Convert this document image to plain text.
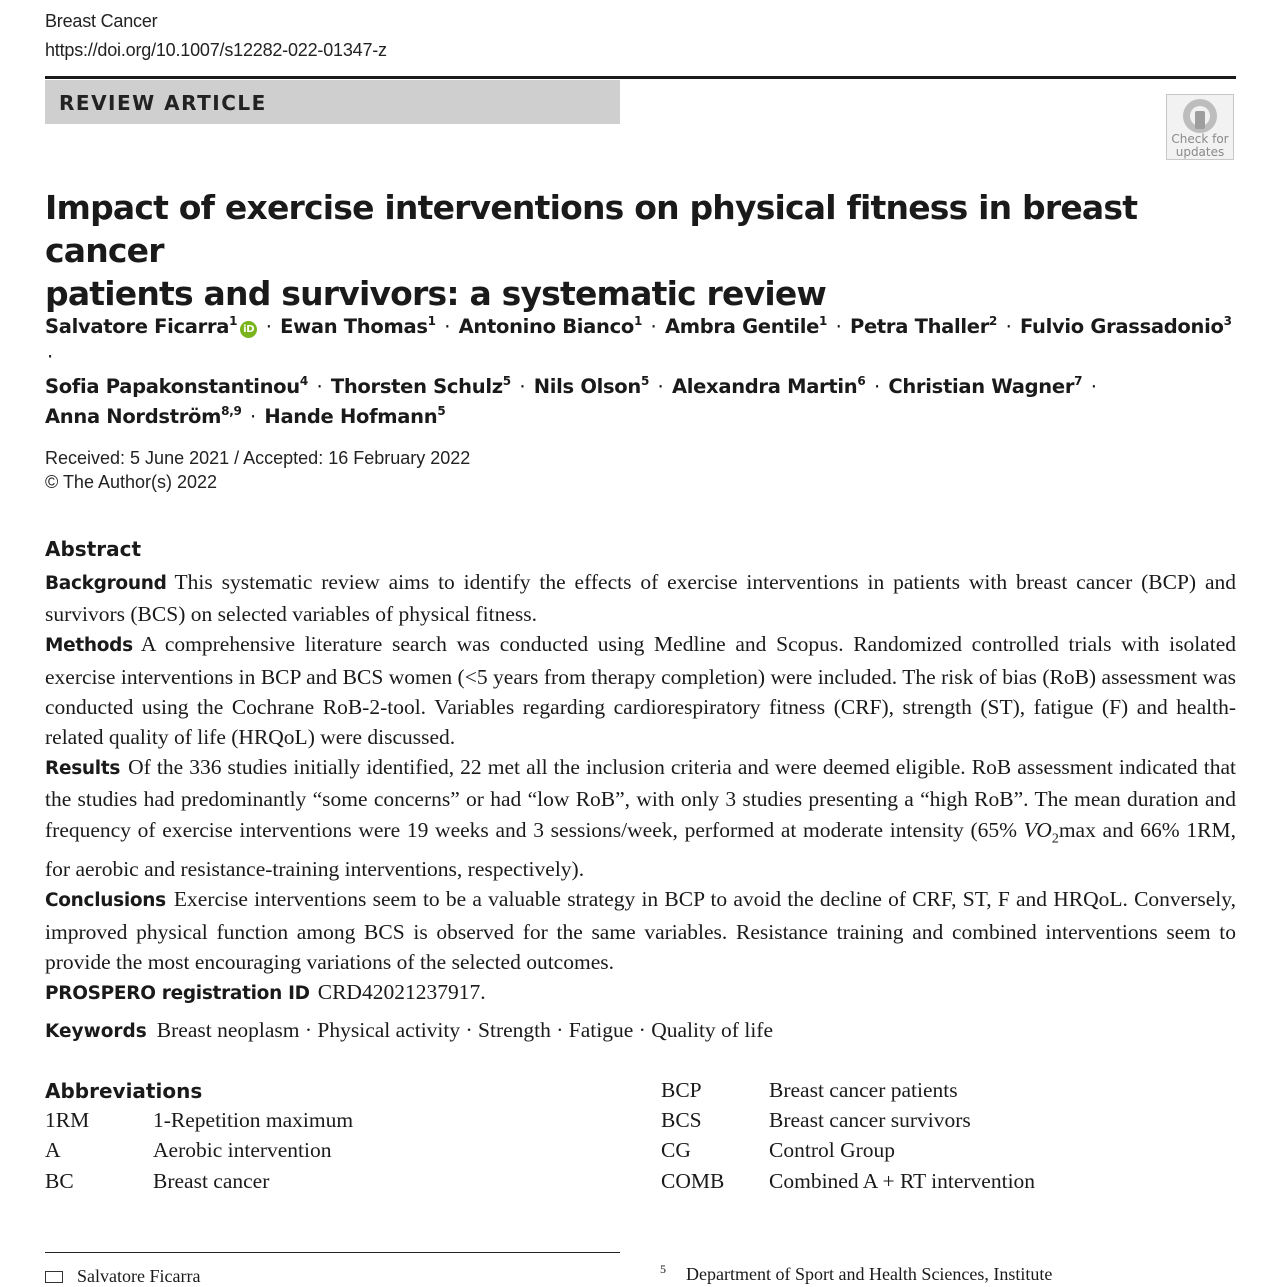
Breast Cancer
https://doi.org/10.1007/s12282-022-01347-z
REVIEW ARTICLE
Check for
updates
Impact of exercise interventions on physical fitness in breast cancer
patients and survivors: a systematic review
Salvatore Ficarra$^1$iD · Ewan Thomas$^1$ · Antonino Bianco$^1$ · Ambra Gentile$^1$ · Petra Thaller$^2$ · Fulvio Grassadonio$^3$ ·
Sofia Papakonstantinou$^4$ · Thorsten Schulz$^5$ · Nils Olson$^5$ · Alexandra Martin$^6$ · Christian Wagner$^7$ ·
Anna Nordström$^{8,9}$ · Hande Hofmann$^5$
Received: 5 June 2021 / Accepted: 16 February 2022
© The Author(s) 2022
Abstract

Background This systematic review aims to identify the effects of exercise interventions in patients with breast cancer (BCP) and survivors (BCS) on selected variables of physical fitness.

Methods A comprehensive literature search was conducted using Medline and Scopus. Randomized controlled trials with isolated exercise interventions in BCP and BCS women (<5 years from therapy completion) were included. The risk of bias (RoB) assessment was conducted using the Cochrane RoB-2-tool. Variables regarding cardiorespiratory fitness (CRF), strength (ST), fatigue (F) and health-related quality of life (HRQoL) were discussed.

Results Of the 336 studies initially identified, 22 met all the inclusion criteria and were deemed eligible. RoB assessment indicated that the studies had predominantly “some concerns” or had “low RoB”, with only 3 studies presenting a “high RoB”. The mean duration and frequency of exercise interventions were 19 weeks and 3 sessions/week, performed at moderate intensity (65% $VO_2\max$ and 66% 1RM, for aerobic and resistance-training interventions, respectively).

Conclusions Exercise interventions seem to be a valuable strategy in BCP to avoid the decline of CRF, ST, F and HRQoL. Conversely, improved physical function among BCS is observed for the same variables. Resistance training and combined interventions seem to provide the most encouraging variations of the selected outcomes.

PROSPERO registration ID CRD42021237917.

Keywords Breast neoplasm · Physical activity · Strength · Fatigue · Quality of life
Abbreviations
1RM	1-Repetition maximum
A	Aerobic intervention
BC	Breast cancer
BCP	Breast cancer patients
BCS	Breast cancer survivors
CG	Control Group
COMB Combined A + RT intervention
Salvatore Ficarra	$^5$ Department of Sport and Health Sciences, Institute
